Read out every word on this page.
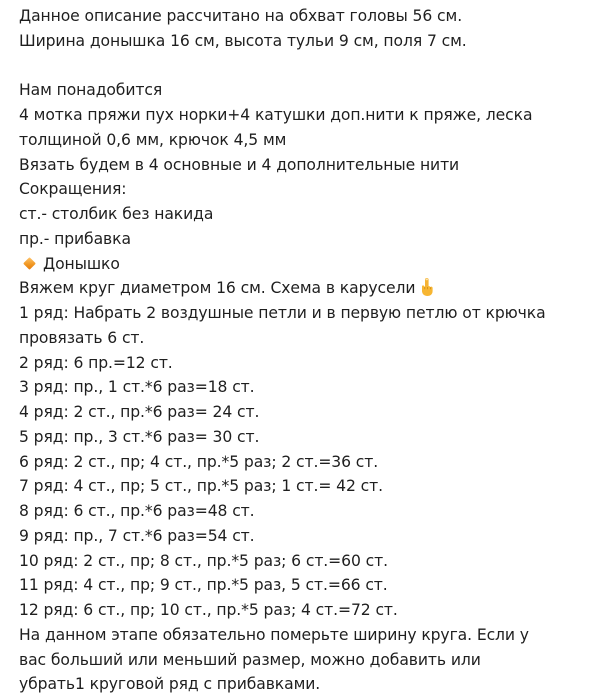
Данное описание рассчитано на обхват головы 56 см.
Ширина донышка 16 см, высота тульи 9 см, поля 7 см.
Нам понадобится
4 мотка пряжи пух норки+4 катушки доп.нити к пряже, леска
толщиной 0,6 мм, крючок 4,5 мм
Вязать будем в 4 основные и 4 дополнительные нити
Сокращения:
ст.- столбик без накида
пр.- прибавка
Донышко
Вяжем круг диаметром 16 см. Схема в карусели
1 ряд: Набрать 2 воздушные петли и в первую петлю от крючка
провязать 6 ст.
2 ряд: 6 пр.=12 ст.
3 ряд: пр., 1 ст.*6 раз=18 ст.
4 ряд: 2 ст., пр.*6 раз= 24 ст.
5 ряд: пр., 3 ст.*6 раз= 30 ст.
6 ряд: 2 ст., пр; 4 ст., пр.*5 раз; 2 ст.=36 ст.
7 ряд: 4 ст., пр; 5 ст., пр.*5 раз; 1 ст.= 42 ст.
8 ряд: 6 ст., пр.*6 раз=48 ст.
9 ряд: пр., 7 ст.*6 раз=54 ст.
10 ряд: 2 ст., пр; 8 ст., пр.*5 раз; 6 ст.=60 ст.
11 ряд: 4 ст., пр; 9 ст., пр.*5 раз, 5 ст.=66 ст.
12 ряд: 6 ст., пр; 10 ст., пр.*5 раз; 4 ст.=72 ст.
На данном этапе обязательно померьте ширину круга. Если у
вас больший или меньший размер, можно добавить или
убрать1 круговой ряд с прибавками.
